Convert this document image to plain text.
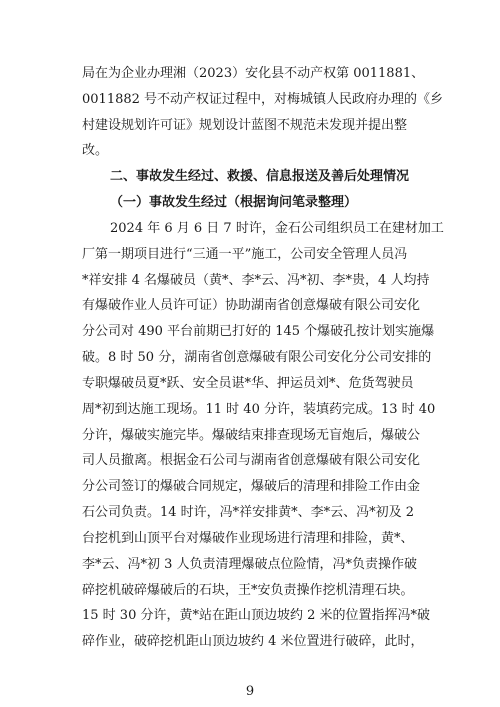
局在为企业办理湘（2023）安化县不动产权第 0011881、
0011882 号不动产权证过程中，对梅城镇人民政府办理的《乡
村建设规划许可证》规划设计蓝图不规范未发现并提出整
改。
二、事故发生经过、救援、信息报送及善后处理情况
（一）事故发生经过（根据询问笔录整理）
2024 年 6 月 6 日 7 时许，金石公司组织员工在建材加工
厂第一期项目进行“三通一平”施工，公司安全管理人员冯
*祥安排 4 名爆破员（黄*、李*云、冯*初、李*贵，4 人均持
有爆破作业人员许可证）协助湖南省创意爆破有限公司安化
分公司对 490 平台前期已打好的 145 个爆破孔按计划实施爆
破。8 时 50 分，湖南省创意爆破有限公司安化分公司安排的
专职爆破员夏*跃、安全员谌*华、押运员刘*、危货驾驶员
周*初到达施工现场。11 时 40 分许，装填药完成。13 时 40
分许，爆破实施完毕。爆破结束排查现场无盲炮后，爆破公
司人员撤离。根据金石公司与湖南省创意爆破有限公司安化
分公司签订的爆破合同规定，爆破后的清理和排险工作由金
石公司负责。14 时许，冯*祥安排黄*、李*云、冯*初及 2
台挖机到山顶平台对爆破作业现场进行清理和排险，黄*、
李*云、冯*初 3 人负责清理爆破点位险情，冯*负责操作破
碎挖机破碎爆破后的石块，王*安负责操作挖机清理石块。
15 时 30 分许，黄*站在距山顶边坡约 2 米的位置指挥冯*破
碎作业，破碎挖机距山顶边坡约 4 米位置进行破碎，此时，
9
